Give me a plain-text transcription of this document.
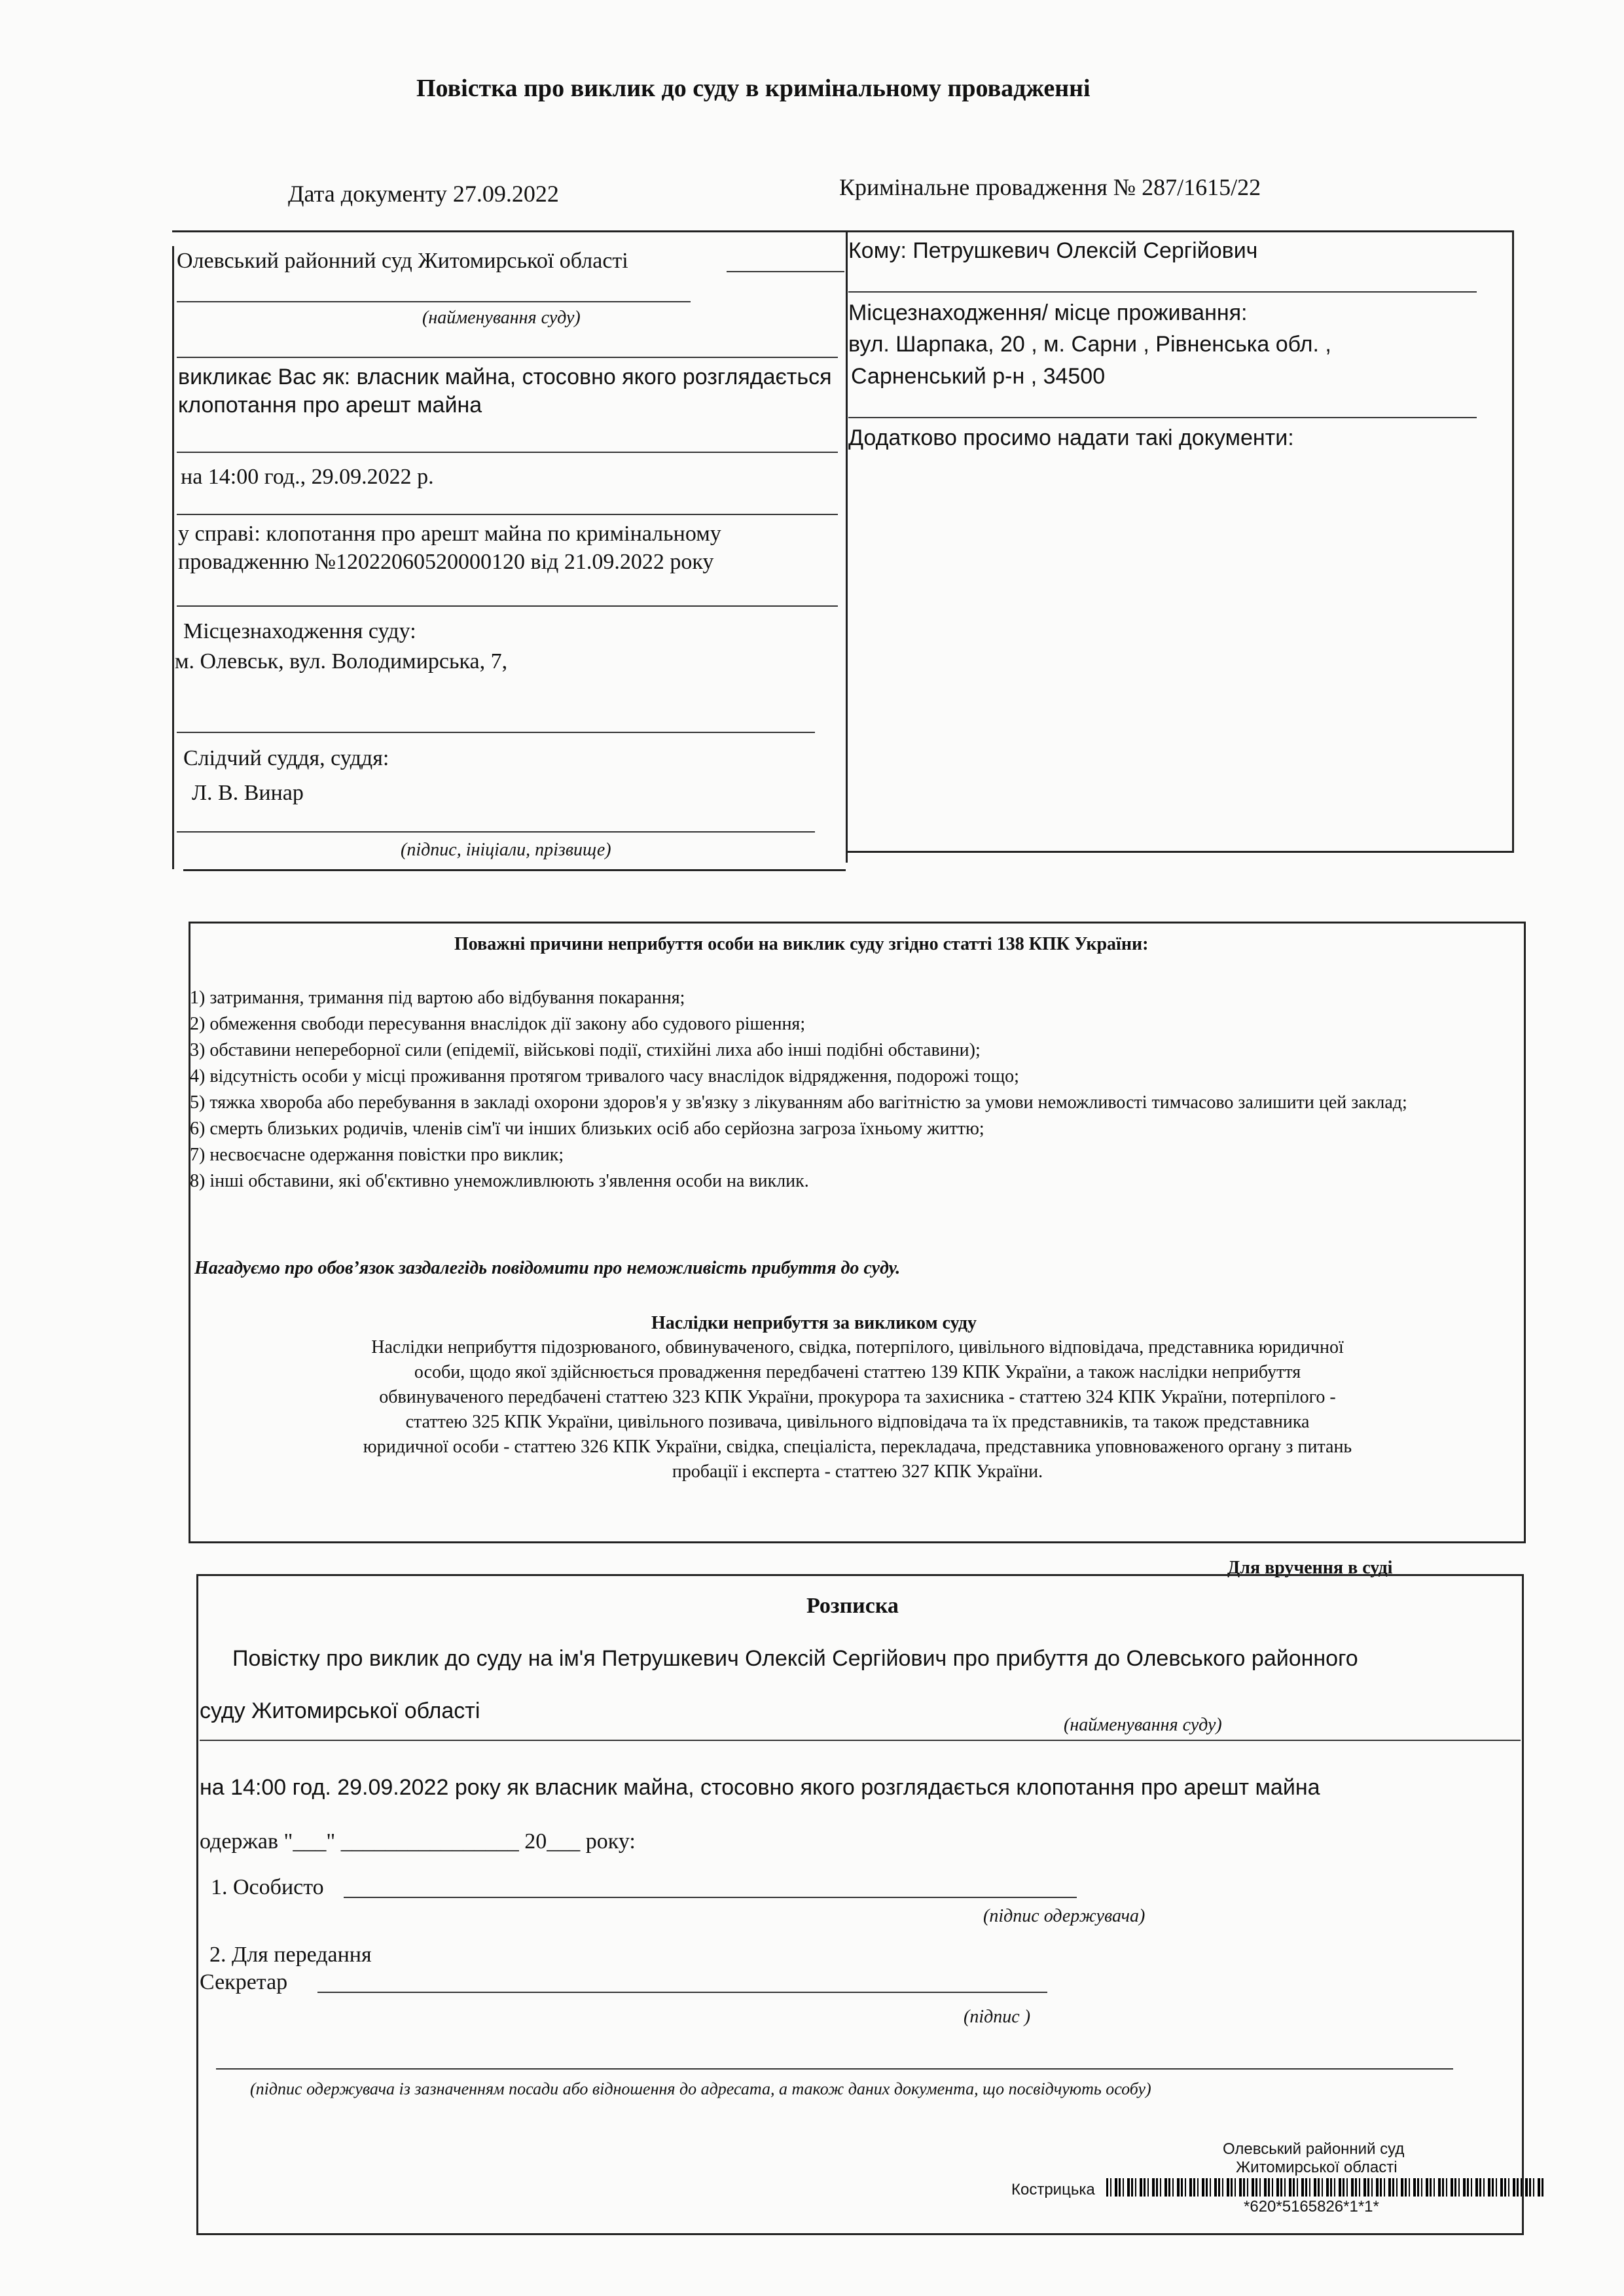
Повістка про виклик до суду в кримінальному провадженні
Дата документу 27.09.2022	Кримінальне провадження № 287/1615/22
Олевський районний суд Житомирської області
(найменування суду)
викликає Вас як: власник майна, стосовно якого розглядається клопотання про арешт майна
на 14:00 год., 29.09.2022 р.
у справі: клопотання про арешт майна по кримінальному провадженню №12022060520000120 від 21.09.2022 року
Місцезнаходження суду:
м. Олевськ, вул. Володимирська, 7,
Слідчий суддя, суддя:
Л. В. Винар
(підпис, ініціали, прізвище)
Кому: Петрушкевич Олексій Сергійович
Місцезнаходження/ місце проживання:
вул. Шарпака, 20 , м. Сарни , Рівненська обл. ,
Сарненський р-н , 34500
Додатково просимо надати такі документи:
Поважні причини неприбуття особи на виклик суду згідно статті 138 КПК України:
1) затримання, тримання під вартою або відбування покарання;
2) обмеження свободи пересування внаслідок дії закону або судового рішення;
3) обставини непереборної сили (епідемії, військові події, стихійні лиха або інші подібні обставини);
4) відсутність особи у місці проживання протягом тривалого часу внаслідок відрядження, подорожі тощо;
5) тяжка хвороба або перебування в закладі охорони здоров'я у зв'язку з лікуванням або вагітністю за умови неможливості тимчасово залишити цей заклад;
6) смерть близьких родичів, членів сім'ї чи інших близьких осіб або серйозна загроза їхньому життю;
7) несвоєчасне одержання повістки про виклик;
8) інші обставини, які об'єктивно унеможливлюють з'явлення особи на виклик.
Нагадуємо про обов’язок заздалегідь повідомити про неможливість прибуття до суду.
Наслідки неприбуття за викликом суду
Наслідки неприбуття підозрюваного, обвинуваченого, свідка, потерпілого, цивільного відповідача, представника юридичної
особи, щодо якої здійснюється провадження передбачені статтею 139 КПК України, а також наслідки неприбуття
обвинуваченого передбачені статтею 323 КПК України, прокурора та захисника - статтею 324 КПК України, потерпілого -
статтею 325 КПК України, цивільного позивача, цивільного відповідача та їх представників, та також представника
юридичної особи - статтею 326 КПК України, свідка, спеціаліста, перекладача, представника уповноваженого органу з питань
пробації і експерта - статтею 327 КПК України.
Для вручення в суді
Розписка
Повістку про виклик до суду на ім'я Петрушкевич Олексій Сергійович про прибуття до Олевського районного
суду Житомирської області
(найменування суду)
на 14:00 год. 29.09.2022 року як власник майна, стосовно якого розглядається клопотання про арешт майна
одержав "___" ________________ 20___ року:
1. Особисто
(підпис одержувача)
2. Для передання
Секретар
(підпис )
(підпис одержувача із зазначенням посади або відношення до адресата, а також даних документа, що посвідчують особу)
Олевський районний суд
Житомирської області
Кострицька
*620*5165826*1*1*
